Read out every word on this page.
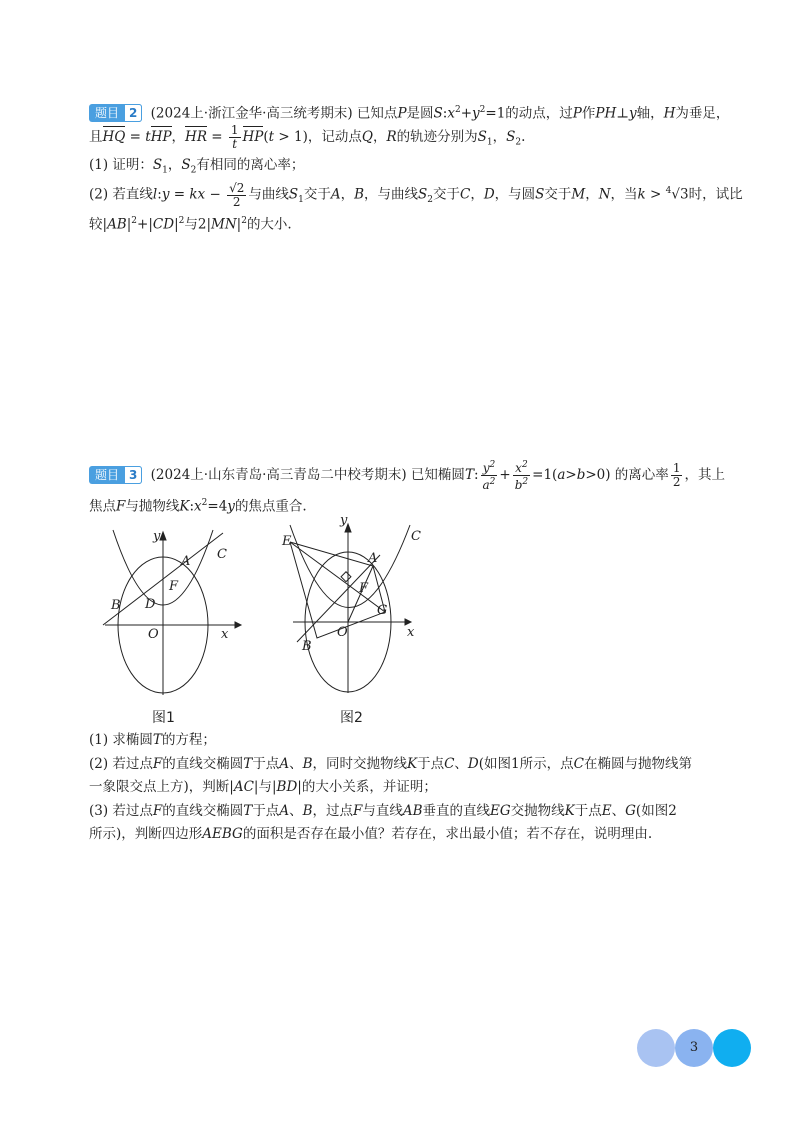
题目 2 (2024上·浙江金华·高三统考期末) 已知点P是圆$S:x^2+y^2=1$的动点，过P作PH⊥y轴，H为垂足，
且HQ = tHP，HR = $\frac{1}{t} HP(t > 1)$，记动点Q，R的轨迹分别为$S_1$，$S_2$.
(1) 证明：$S_1$，$S_2$有相同的离心率；
(2) 若直线l:y = kx − $\frac{√2}{2}$ 与曲线$S_1$交于A，B，与曲线$S_2$交于C，D，与圆S交于M，N，当k > $^4$√3时，试比
较$|AB|^2+|CD|^2$与$2|MN|^2$的大小.
题目 3 (2024上·山东青岛·高三青岛二中校考期末) 已知椭圆T: $\frac{y^2}{a^2} + \frac{x^2}{b^2} =1(a>b>0)$ 的离心率 $\frac{1}{2}$ ，其上
焦点F与抛物线$K:x^2=4y$的焦点重合.
y
x
O
A
B
C
D
F
y
x
O
A
B
C
E
F
G
图1	图2
(1) 求椭圆T的方程；
(2) 若过点F的直线交椭圆T于点A、B，同时交抛物线K于点C、D(如图1所示，点C在椭圆与抛物线第
一象限交点上方)，判断|AC|与|BD|的大小关系，并证明；
(3) 若过点F的直线交椭圆T于点A、B，过点F与直线AB垂直的直线EG交抛物线K于点E、G(如图2
所示)，判断四边形AEBG的面积是否存在最小值？若存在，求出最小值；若不存在，说明理由.
3
